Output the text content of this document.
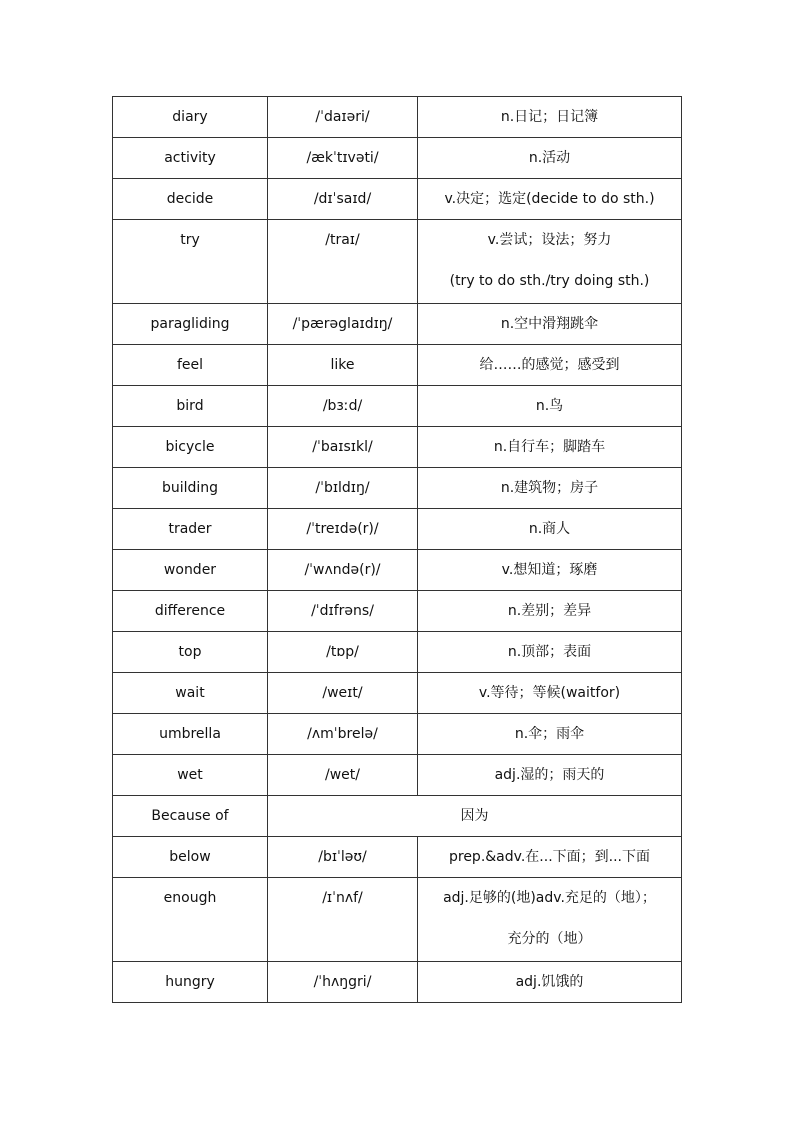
diary	/ˈdaɪəri/	n.日记；日记簿

activity	/ækˈtɪvəti/	n.活动

decide	/dɪˈsaɪd/	v.决定；选定(decide to do sth.)

try	/traɪ/	v.尝试；设法；努力
(try to do sth./try doing sth.)

paragliding	/ˈpærəglaɪdɪŋ/	n.空中滑翔跳伞

feel	like	给……的感觉；感受到

bird	/bɜːd/	n.鸟

bicycle	/ˈbaɪsɪkl/	n.自行车；脚踏车

building	/ˈbɪldɪŋ/	n.建筑物；房子

trader	/ˈtreɪdə(r)/	n.商人

wonder	/ˈwʌndə(r)/	v.想知道；琢磨

difference	/ˈdɪfrəns/	n.差别；差异

top	/tɒp/	n.顶部；表面

wait	/weɪt/	v.等待；等候(waitfor)

umbrella	/ʌmˈbrelə/	n.伞；雨伞

wet	/wet/	adj.湿的；雨天的

Because of	因为	
below	/bɪˈləʊ/	prep.&adv.在...下面；到...下面

enough	/ɪˈnʌf/	adj.足够的(地)adv.充足的（地）；
充分的（地）

hungry	/ˈhʌŋgri/	adj.饥饿的
